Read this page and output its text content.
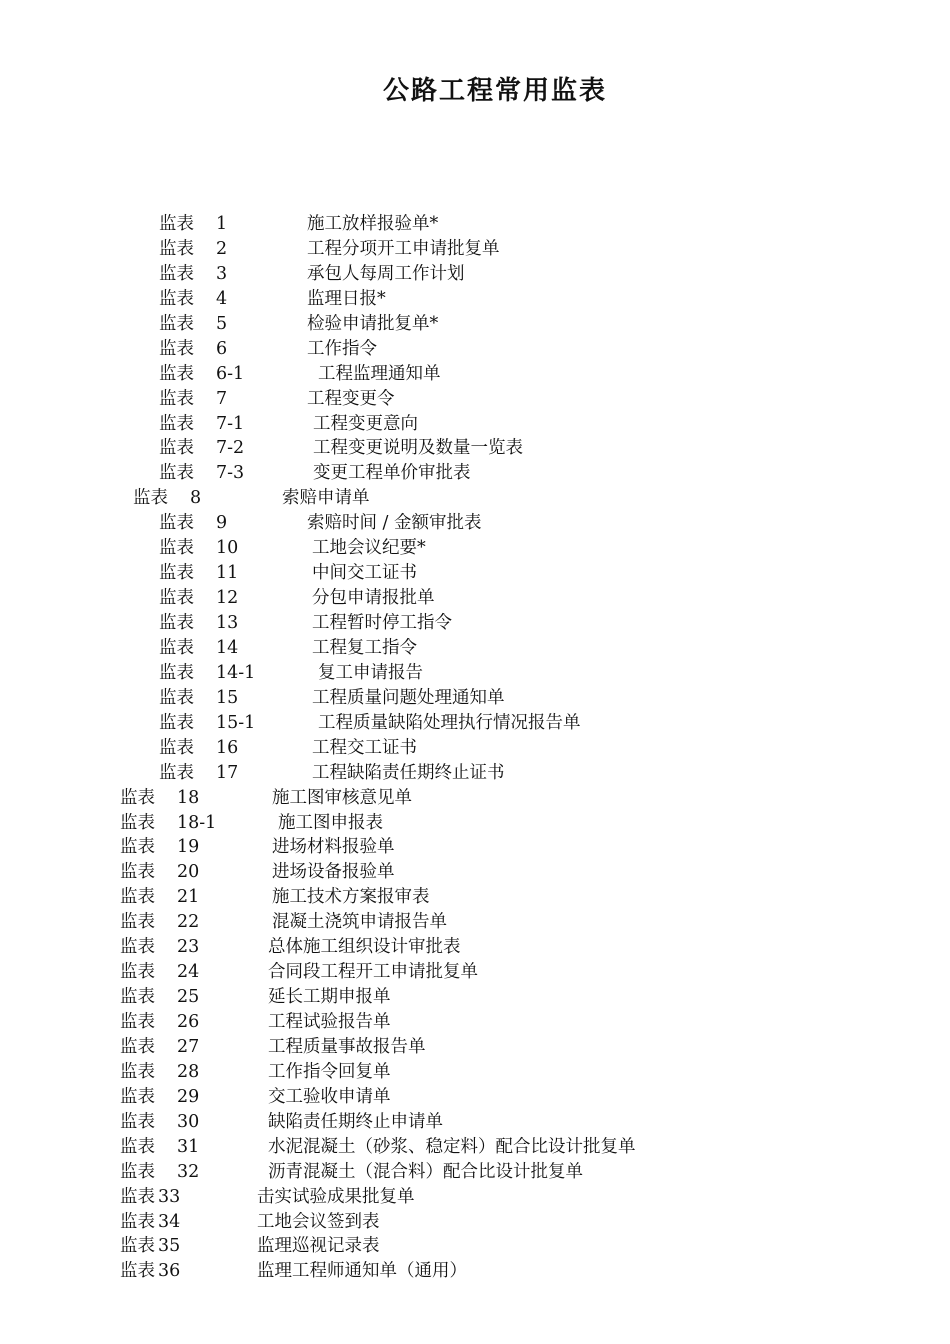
公路工程常用监表
监表 1	施工放样报验单*
监表 2	工程分项开工申请批复单
监表 3	承包人每周工作计划
监表 4	监理日报*
监表 5	检验申请批复单*
监表 6	工作指令
监表 6-1	工程监理通知单
监表 7	工程变更令
监表 7-1	工程变更意向
监表 7-2	工程变更说明及数量一览表
监表 7-3	变更工程单价审批表
监表 8	索赔申请单
监表 9	索赔时间 / 金额审批表
监表 10	工地会议纪要*
监表 11	中间交工证书
监表 12	分包申请报批单
监表 13	工程暂时停工指令
监表 14	工程复工指令
监表 14-1	复工申请报告
监表 15	工程质量问题处理通知单
监表 15-1	工程质量缺陷处理执行情况报告单
监表 16	工程交工证书
监表 17	工程缺陷责任期终止证书
监表 18	施工图审核意见单
监表 18-1	施工图申报表
监表 19	进场材料报验单
监表 20	进场设备报验单
监表 21	施工技术方案报审表
监表 22	混凝土浇筑申请报告单
监表 23	总体施工组织设计审批表
监表 24	合同段工程开工申请批复单
监表 25	延长工期申报单
监表 26	工程试验报告单
监表 27	工程质量事故报告单
监表 28	工作指令回复单
监表 29	交工验收申请单
监表 30	缺陷责任期终止申请单
监表 31	水泥混凝土（砂浆、稳定料）配合比设计批复单
监表 32	沥青混凝土（混合料）配合比设计批复单
监表 33	击实试验成果批复单
监表 34	工地会议签到表
监表 35	监理巡视记录表
监表 36	监理工程师通知单（通用）
